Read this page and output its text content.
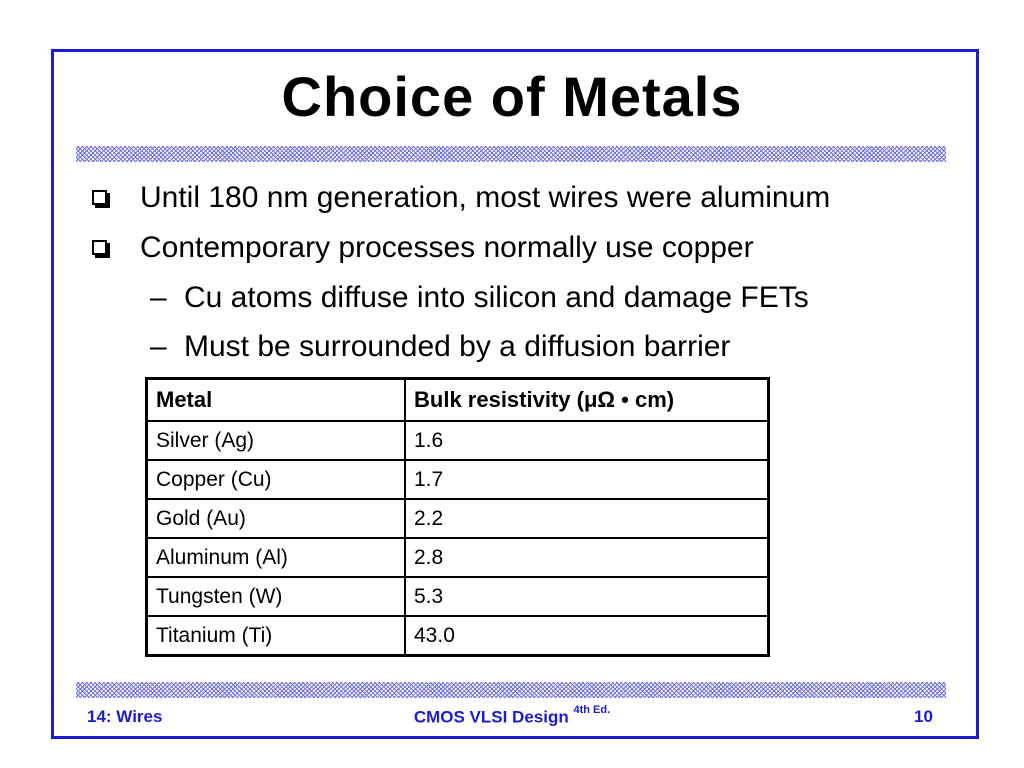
Choice of Metals
Until 180 nm generation, most wires were aluminum
Contemporary processes normally use copper
– Cu atoms diffuse into silicon and damage FETs
– Must be surrounded by a diffusion barrier
Metal	Bulk resistivity (μΩ • cm)
Silver (Ag)	1.6
Copper (Cu)	1.7
Gold (Au)	2.2
Aluminum (Al)	2.8
Tungsten (W)	5.3
Titanium (Ti)	43.0
14: Wires	CMOS VLSI Design $^{4th Ed.}$	10
